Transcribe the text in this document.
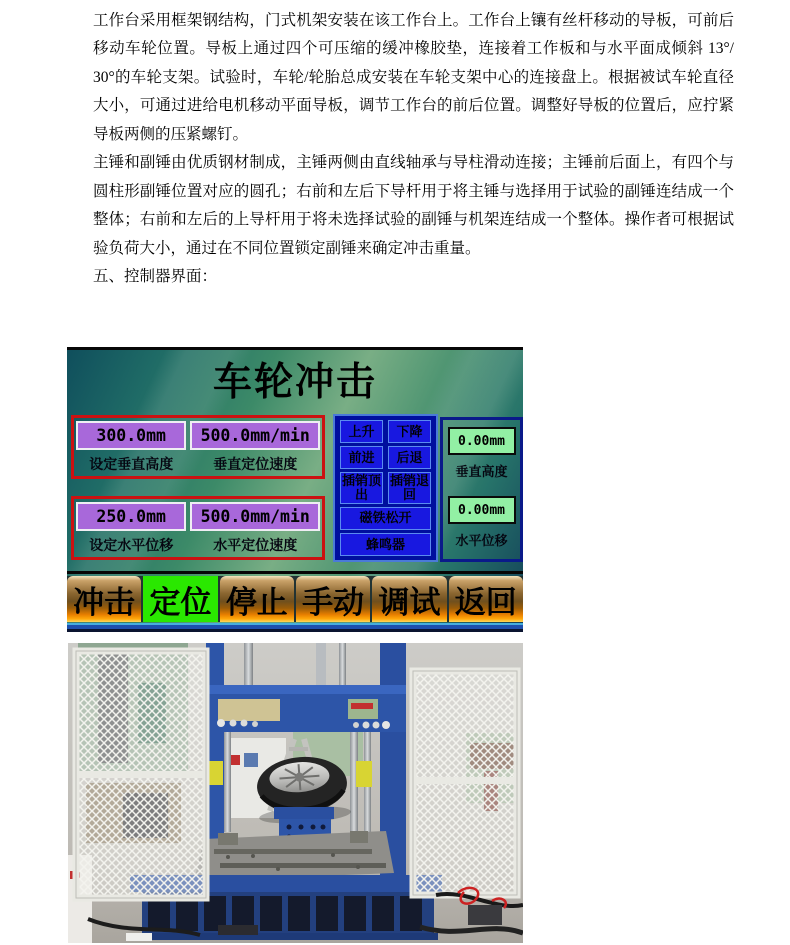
工作台采用框架钢结构，门式机架安装在该工作台上。工作台上镶有丝杆移动的导板，可前后移动车轮位置。导板上通过四个可压缩的缓冲橡胶垫，连接着工作板和与水平面成倾斜 13°/ 30°的车轮支架。试验时，车轮/轮胎总成安装在车轮支架中心的连接盘上。根据被试车轮直径大小，可通过进给电机移动平面导板，调节工作台的前后位置。调整好导板的位置后，应拧紧导板两侧的压紧螺钉。

主锤和副锤由优质钢材制成，主锤两侧由直线轴承与导柱滑动连接；主锤前后面上，有四个与圆柱形副锤位置对应的圆孔；右前和左后下导杆用于将主锤与选择用于试验的副锤连结成一个整体；右前和左后的上导杆用于将未选择试验的副锤与机架连结成一个整体。操作者可根据试验负荷大小，通过在不同位置锁定副锤来确定冲击重量。

五、控制器界面：

车轮冲击
300.0mm
设定垂直高度
500.0mm/min
垂直定位速度
250.0mm
设定水平位移
500.0mm/min
水平定位速度
上升	下降
前进	后退
插销顶出
插销退回
磁铁松开
蜂鸣器
0.00mm
垂直高度
0.00mm
水平位移
冲击 定位 停止 手动 调试 返回
